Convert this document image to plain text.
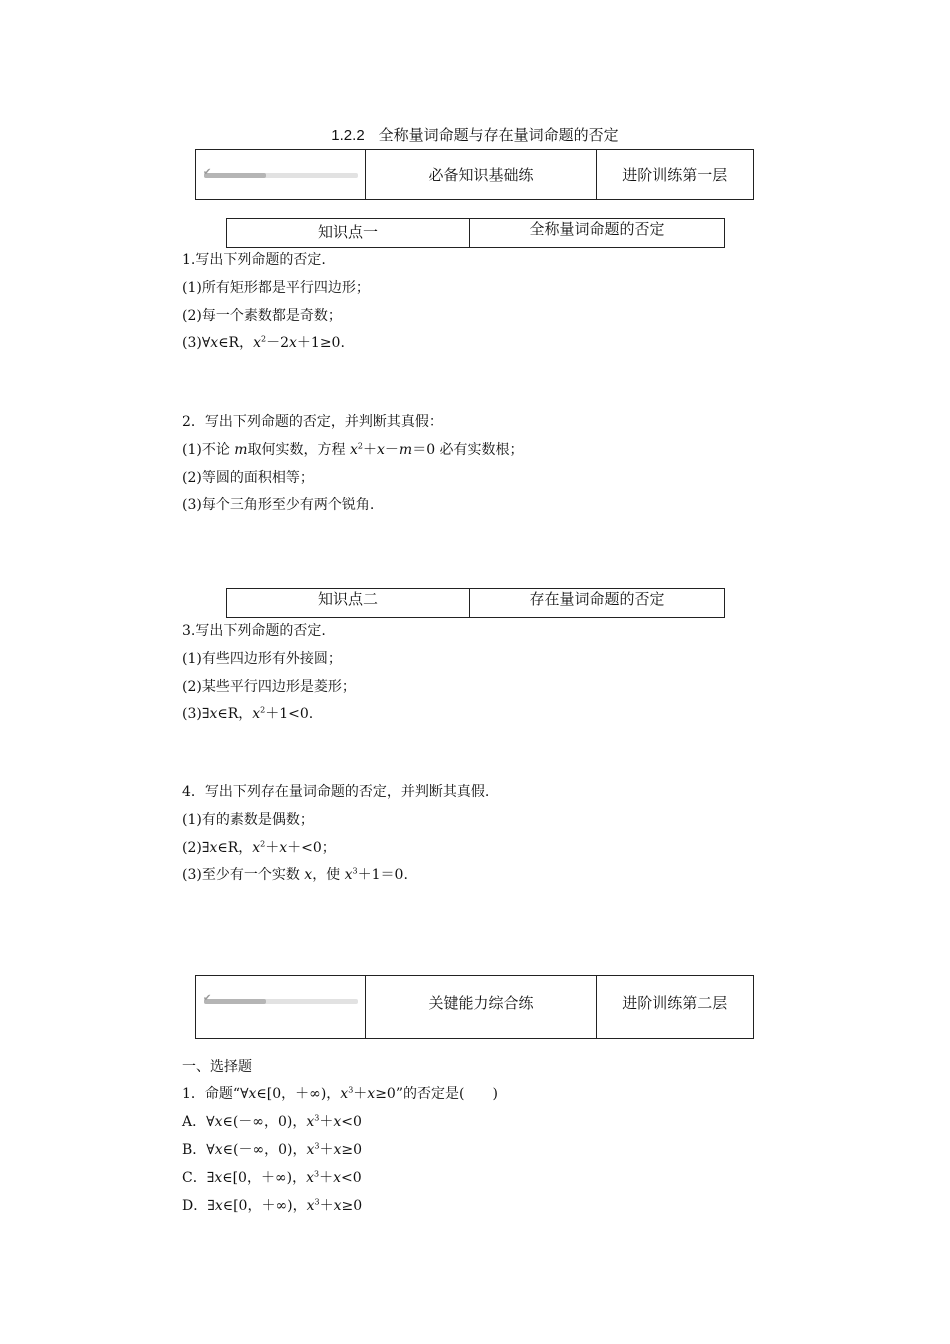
1.2.2 全称量词命题与存在量词命题的否定
✔	必备知识基础练	进阶训练第一层
知识点一	全称量词命题的否定
1.写出下列命题的否定.
(1)所有矩形都是平行四边形；
(2)每一个素数都是奇数；
(3)∀x∈R，$x^2-2x+1\ge 0$.
2．写出下列命题的否定，并判断其真假：
(1)不论 m取何实数，方程 $x^2+x-m=0$ 必有实数根；
(2)等圆的面积相等；
(3)每个三角形至少有两个锐角.
知识点二	存在量词命题的否定
3.写出下列命题的否定.
(1)有些四边形有外接圆；
(2)某些平行四边形是菱形；
(3)∃x∈R，$x^2+1<0$.
4．写出下列存在量词命题的否定，并判断其真假.
(1)有的素数是偶数；
(2)∃x∈R，$x^2+x+<0$；
(3)至少有一个实数 x，使 $x^3+1=0$.
✔	关键能力综合练	进阶训练第二层
一、选择题
1．命题“∀x∈[0，＋∞)，$x^3+x\ge 0$”的否定是(　　)
A．∀x∈(－∞，0)，$x^3+x<0$
B．∀x∈(－∞，0)，$x^3+x\ge 0$
C．∃x∈[0，＋∞)，$x^3+x<0$
D．∃x∈[0，＋∞)，$x^3+x\ge 0$
